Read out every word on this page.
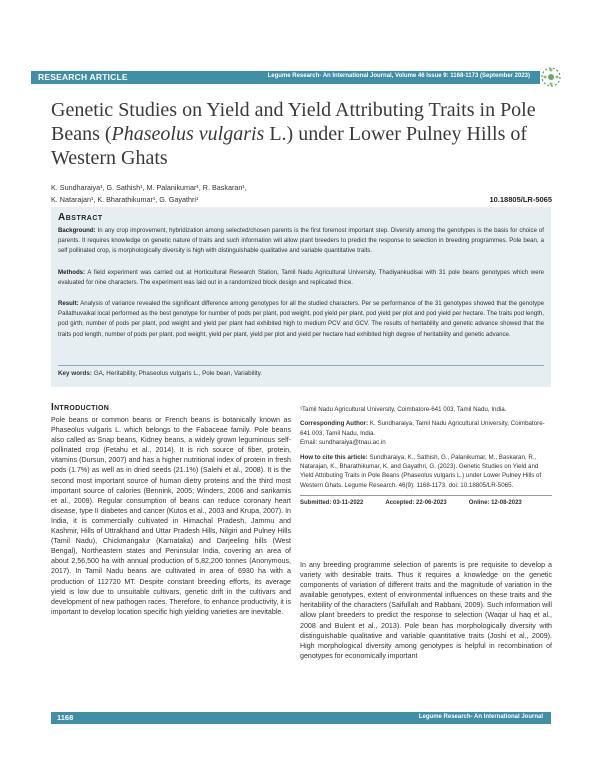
RESEARCH ARTICLE	Legume Research- An International Journal, Volume 46 Issue 9: 1168-1173 (September 2023)
Genetic Studies on Yield and Yield Attributing Traits in Pole Beans (Phaseolus vulgaris L.) under Lower Pulney Hills of Western Ghats
K. Sundharaiya¹, G. Sathish¹, M. Palanikumar¹, R. Baskaran¹,
K. Natarajan¹, K. Bharathikumar¹, G. Gayathri¹	10.18805/LR-5065
Abstract
Background: In any crop improvement, hybridization among selected/chosen parents is the first foremost important step. Diversity among the genotypes is the basis for choice of parents. It requires knowledge on genetic nature of traits and such information will allow plant breeders to predict the response to selection in breeding programmes. Pole bean, a self pollinated crop, is morphologically diversity is high with distinguishable qualitative and variable quantitative traits.
Methods: A field experiment was carried out at Horticultural Research Station, Tamil Nadu Agricultural University, Thadiyankudisai with 31 pole beans genotypes which were evaluated for nine characters. The experiment was laid out in a randomized block design and replicated thice.
Result: Analysis of variance revealed the significant difference among genotypes for all the studied characters. Per se performance of the 31 genotypes showed that the genotype Pallathuvaikal local performed as the best genotype for number of pods per plant, pod weight, pod yield per plant, pod yield per plot and pod yield per hectare. The traits pod length, pod girth, number of pods per plant, pod weight and yield per plant had exhibited high to medium PCV and GCV. The results of heritability and genetic advance showed that the traits pod length, number of pods per plant, pod weight, yield per plant, yield per plot and yield per hectare had exhibited high degree of heritability and genetic advance.
Key words: GA, Heritability, Phaseolus vulgaris L., Pole bean, Variability.
Introduction
Pole beans or common beans or French beans is botanically known as Phaseolus vulgaris L. which belongs to the Fabaceae family. Pole beans also called as Snap beans, Kidney beans, a widely grown leguminous self-pollinated crop (Fetahu et al., 2014). It is rich source of fiber, protein, vitamins (Dursun, 2007) and has a higher nutritional index of protein in fresh pods (1.7%) as well as in dried seeds (21.1%) (Salehi et al., 2008). It is the second most important source of human dietry proteins and the third most important source of calories (Bennink, 2005; Winders, 2006 and sarikamis et al., 2009). Regular consumption of beans can reduce coronary heart disease, type II diabetes and cancer (Kutos et al., 2003 and Krupa, 2007). In India, it is commercially cultivated in Himachal Pradesh, Jammu and Kashmir, Hills of Uttrakhand and Uttar Pradesh Hills, Nilgiri and Pulney Hills (Tamil Nadu), Chickmangalur (Karnataka) and Darjeeling hills (West Bengal), Northeastern states and Peninsular India, covering an area of about 2,56,500 ha with annual production of 5,82,200 tonnes (Anonymous, 2017). In Tamil Nadu beans are cultivated in area of 6930 ha with a production of 112720 MT. Despite constant breeding efforts, its average yield is low due to unsuitable cultivars, genetic drift in the cultivars and development of new pathogen races. Therefore, to enhance productivity, it is important to develop location specific high yielding varieties are inevitable.

¹Tamil Nadu Agricultural University, Coimbatore-641 003, Tamil Nadu, India.

Corresponding Author: K. Sundharaiya, Tamil Nadu Agricultural University, Coimbatore-641 003, Tamil Nadu, India.
Email: sundharaiya@tnau.ac.in

How to cite this article: Sundharaiya, K., Sathish, G., Palanikumar, M., Baskaran, R., Natarajan, K., Bharathikumar, K. and Gayathri, G. (2023). Genetic Studies on Yield and Yield Attributing Traits in Pole Beans (Phaseolus vulgaris L.) under Lower Pulney Hills of Western Ghats. Legume Research. 46(9): 1168-1173. doi: 10.18805/LR-5065.

Submitted: 03-11-2022	Accepted: 22-06-2023	Online: 12-08-2023
In any breeding programme selection of parents is pre requisite to develop a variety with desirable traits. Thus it requires a knowledge on the genetic components of variation of different traits and the magnitude of variation in the available genotypes, extent of environmental influences on these traits and the heritability of the characters (Saifullah and Rabbani, 2009). Such information will allow plant breeders to predict the response to selection (Waqar ul haq et al., 2008 and Bulent et al., 2013). Pole bean has morphologically diversity with distinguishable qualitative and variable quantitative traits (Joshi et al., 2009). High morphological diversity among genotypes is helpful in recombination of genotypes for economically important
1168	Legume Research- An International Journal
